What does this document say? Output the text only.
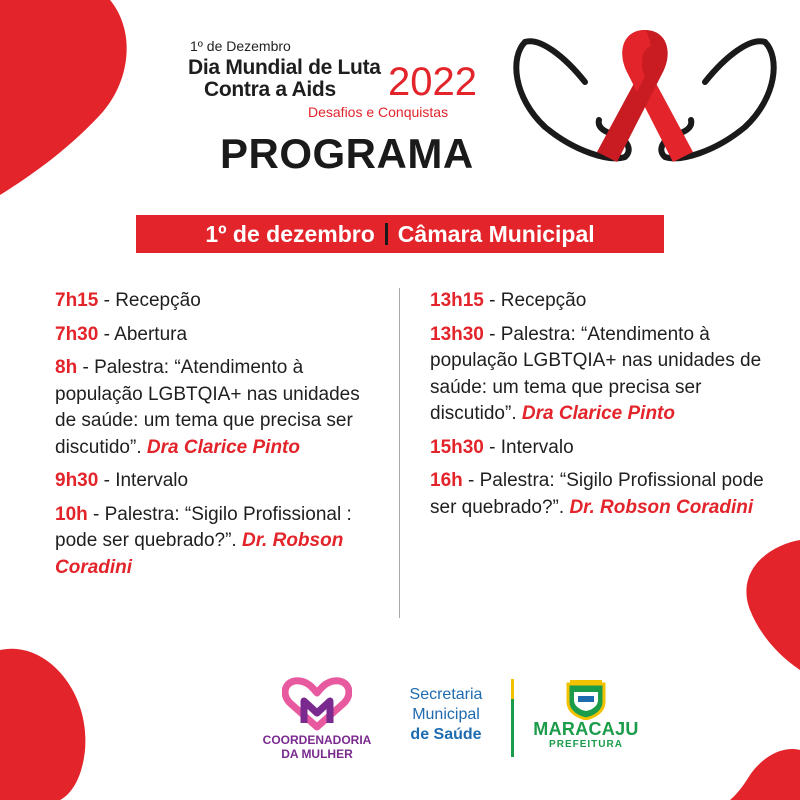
1º de Dezembro
Dia Mundial de Luta
Contra a Aids 2022
Desafios e Conquistas
PROGRAMA
1º de dezembro Câmara Municipal
7h15 - Recepção
7h30 - Abertura
8h - Palestra: “Atendimento à população LGBTQIA+ nas unidades de saúde: um tema que precisa ser discutido”. Dra Clarice Pinto
9h30 - Intervalo
10h - Palestra: “Sigilo Profissional : pode ser quebrado?”. Dr. Robson Coradini
13h15 - Recepção
13h30 - Palestra: “Atendimento à população LGBTQIA+ nas unidades de saúde: um tema que precisa ser discutido”. Dra Clarice Pinto
15h30 - Intervalo
16h - Palestra: “Sigilo Profissional pode ser quebrado?”. Dr. Robson Coradini
COORDENADORIA
DA MULHER
Secretaria
Municipal
de Saúde	MARACAJU
PREFEITURA
